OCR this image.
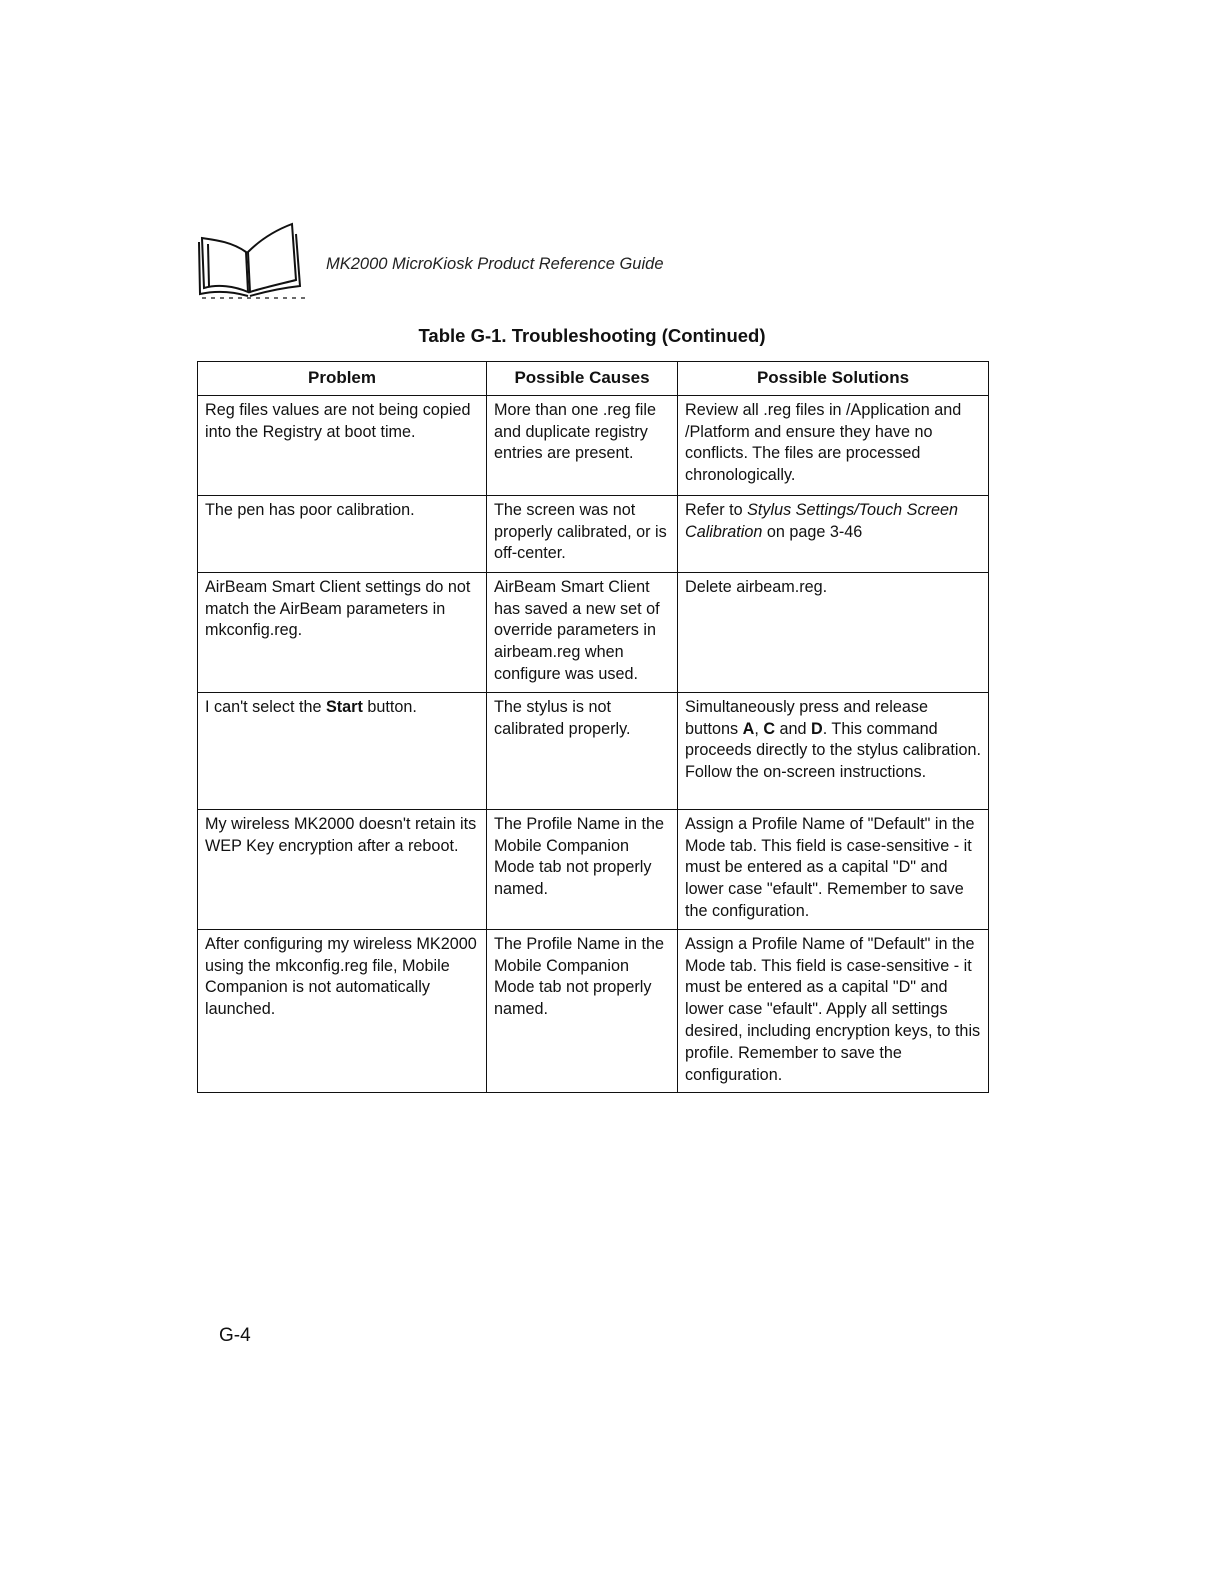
MK2000 MicroKiosk Product Reference Guide
Table G-1. Troubleshooting (Continued)
Problem	Possible Causes	Possible Solutions
Reg files values are not being copied into the Registry at boot time.	More than one .reg file and duplicate registry entries are present.	Review all .reg files in /Application and /Platform and ensure they have no conflicts. The files are processed chronologically.
The pen has poor calibration.	The screen was not properly calibrated, or is off-center.	Refer to Stylus Settings/Touch Screen Calibration on page 3-46
AirBeam Smart Client settings do not match the AirBeam parameters in mkconfig.reg.	AirBeam Smart Client has saved a new set of override parameters in airbeam.reg when configure was used.	Delete airbeam.reg.
I can't select the Start button.	The stylus is not calibrated properly.	Simultaneously press and release buttons A, C and D. This command proceeds directly to the stylus calibration. Follow the on-screen instructions.
My wireless MK2000 doesn't retain its WEP Key encryption after a reboot.	The Profile Name in the Mobile Companion Mode tab not properly named.	Assign a Profile Name of "Default" in the Mode tab. This field is case-sensitive - it must be entered as a capital "D" and lower case "efault". Remember to save the configuration.
After configuring my wireless MK2000 using the mkconfig.reg file, Mobile Companion is not automatically launched.	The Profile Name in the Mobile Companion Mode tab not properly named.	Assign a Profile Name of "Default" in the Mode tab. This field is case-sensitive - it must be entered as a capital "D" and lower case "efault". Apply all settings desired, including encryption keys, to this profile. Remember to save the configuration.
G-4
